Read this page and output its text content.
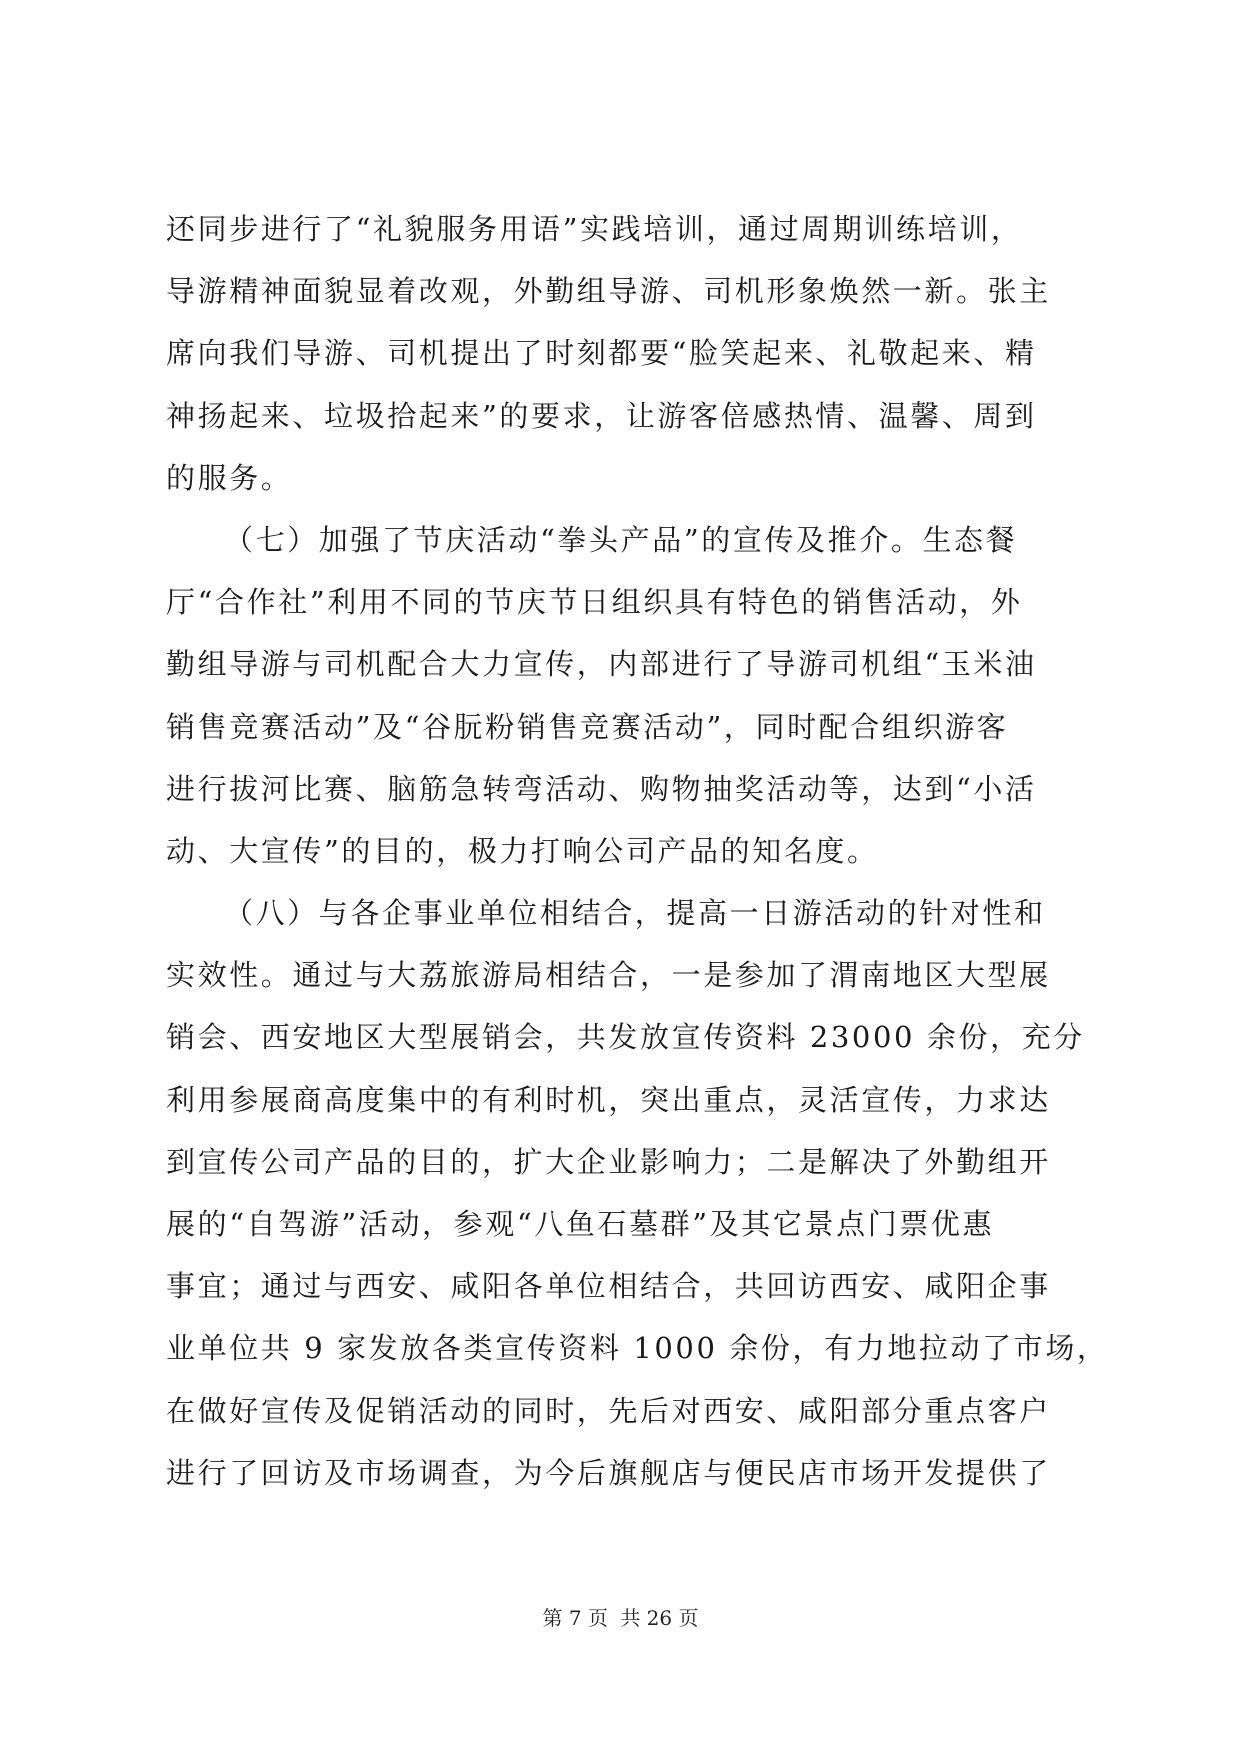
还同步进行了“礼貌服务用语”实践培训，通过周期训练培训，
导游精神面貌显着改观，外勤组导游、司机形象焕然一新。张主
席向我们导游、司机提出了时刻都要“脸笑起来、礼敬起来、精
神扬起来、垃圾拾起来”的要求，让游客倍感热情、温馨、周到
的服务。
（七）加强了节庆活动“拳头产品”的宣传及推介。生态餐
厅“合作社”利用不同的节庆节日组织具有特色的销售活动，外
勤组导游与司机配合大力宣传，内部进行了导游司机组“玉米油
销售竞赛活动”及“谷朊粉销售竞赛活动”，同时配合组织游客
进行拔河比赛、脑筋急转弯活动、购物抽奖活动等，达到“小活
动、大宣传”的目的，极力打响公司产品的知名度。
（八）与各企事业单位相结合，提高一日游活动的针对性和
实效性。通过与大荔旅游局相结合，一是参加了渭南地区大型展
销会、西安地区大型展销会，共发放宣传资料 23000 余份，充分
利用参展商高度集中的有利时机，突出重点，灵活宣传，力求达
到宣传公司产品的目的，扩大企业影响力；二是解决了外勤组开
展的“自驾游”活动，参观“八鱼石墓群”及其它景点门票优惠
事宜；通过与西安、咸阳各单位相结合，共回访西安、咸阳企事
业单位共 9 家发放各类宣传资料 1000 余份，有力地拉动了市场，
在做好宣传及促销活动的同时，先后对西安、咸阳部分重点客户
进行了回访及市场调查，为今后旗舰店与便民店市场开发提供了
第 7 页 共 26 页
